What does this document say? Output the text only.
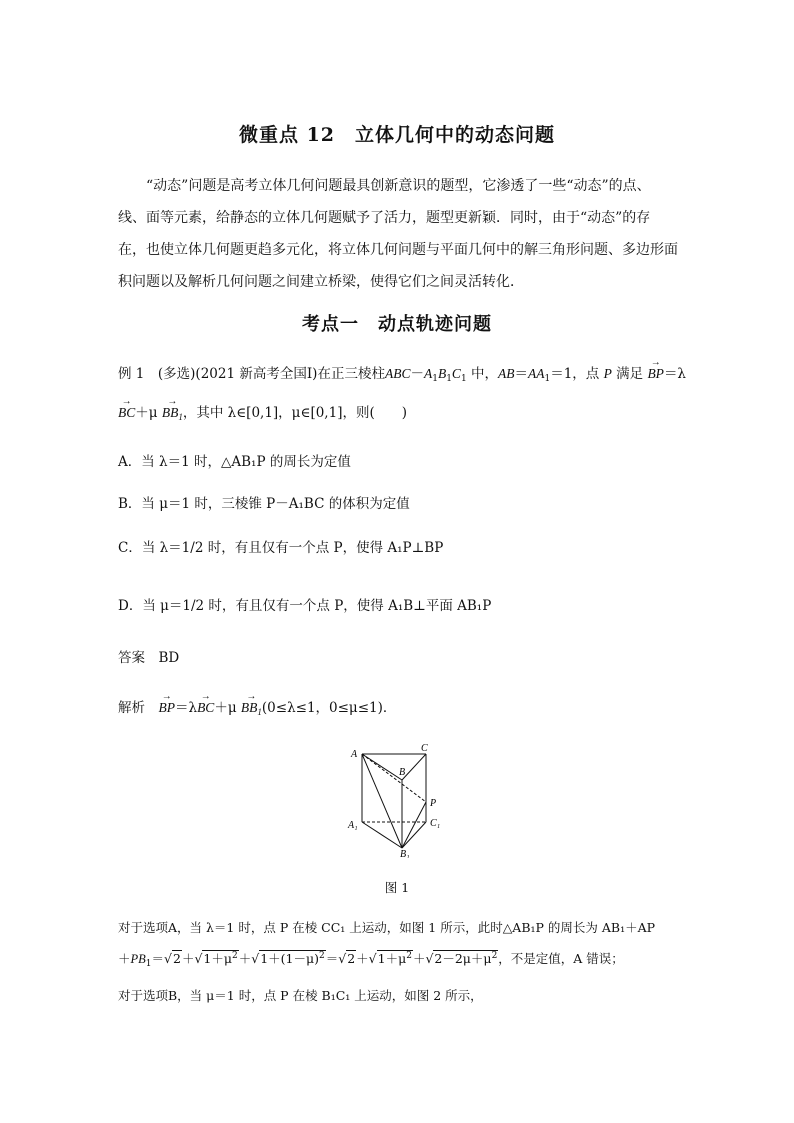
微重点 12　立体几何中的动态问题
“动态”问题是高考立体几何问题最具创新意识的题型，它渗透了一些“动态”的点、线、面等元素，给静态的立体几何题赋予了活力，题型更新颖．同时，由于“动态”的存在，也使立体几何题更趋多元化，将立体几何问题与平面几何中的解三角形问题、多边形面积问题以及解析几何问题之间建立桥梁，使得它们之间灵活转化．
考点一　动点轨迹问题
例 1　 (多选)(2021 新高考全国Ⅰ)在正三棱柱$ABC-A_1B_1C_1$ 中，$AB=AA_1=1$，点 P 满足 → BP＝λ
→ $BC+\mu \to BB_1$，其中 λ∈[0,1]，μ∈[0,1]，则(　　)
A．当 λ＝1 时，△AB₁P 的周长为定值
B．当 μ＝1 时，三棱锥 P－A₁BC 的体积为定值
C．当 λ＝1/2 时，有且仅有一个点 P，使得 A₁P⊥BP
D．当 μ＝1/2 时，有且仅有一个点 P，使得 A₁B⊥平面 AB₁P
答案　 BD
解析　→ $BP=\lambda\to BC+\mu \to BB_1(0\le\lambda\le 1$，0≤μ≤1)．
A
B
C
P
A₁
B₁
C₁
图 1
对于选项A，当 λ＝1 时，点 P 在棱 CC₁ 上运动，如图 1 所示，此时△AB₁P 的周长为 AB₁＋AP
$+PB_1=√2+√1+\mu^2+√1+(1-\mu)^2=√2+√1+\mu^2+√2-2\mu+\mu^2$，不是定值，A 错误；
对于选项B，当 μ＝1 时，点 P 在棱 B₁C₁ 上运动，如图 2 所示，
